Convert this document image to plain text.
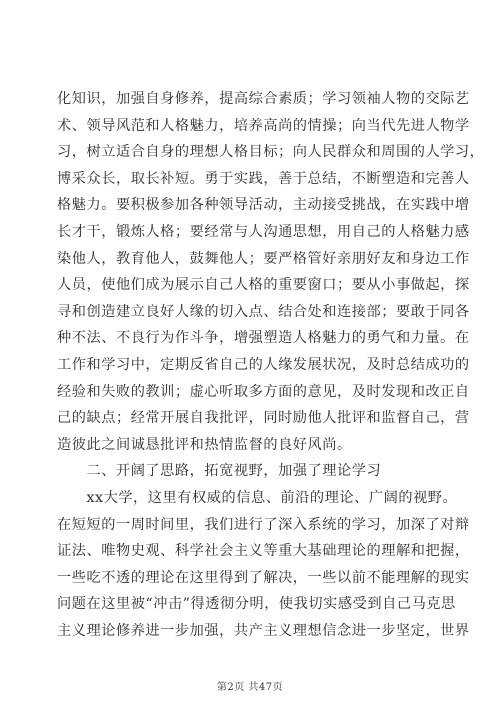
化知识，加强自身修养，提高综合素质；学习领袖人物的交际艺
术、领导风范和人格魅力，培养高尚的情操；向当代先进人物学
习，树立适合自身的理想人格目标；向人民群众和周围的人学习，
博采众长，取长补短。勇于实践，善于总结，不断塑造和完善人
格魅力。要积极参加各种领导活动，主动接受挑战，在实践中增
长才干，锻炼人格；要经常与人沟通思想，用自己的人格魅力感
染他人，教育他人，鼓舞他人；要严格管好亲朋好友和身边工作
人员，使他们成为展示自己人格的重要窗口；要从小事做起，探
寻和创造建立良好人缘的切入点、结合处和连接部；要敢于同各
种不法、不良行为作斗争，增强塑造人格魅力的勇气和力量。在
工作和学习中，定期反省自己的人缘发展状况，及时总结成功的
经验和失败的教训；虚心听取多方面的意见，及时发现和改正自
己的缺点；经常开展自我批评，同时励他人批评和监督自己，营
造彼此之间诚恳批评和热情监督的良好风尚。
　　二、开阔了思路，拓宽视野，加强了理论学习
　　xx大学，这里有权威的信息、前沿的理论、广阔的视野。
在短短的一周时间里，我们进行了深入系统的学习，加深了对辩
证法、唯物史观、科学社会主义等重大基础理论的理解和把握，
一些吃不透的理论在这里得到了解决，一些以前不能理解的现实
问题在这里被“冲击”得透彻分明，使我切实感受到自己马克思
主义理论修养进一步加强，共产主义理想信念进一步坚定，世界
第2页 共47页
